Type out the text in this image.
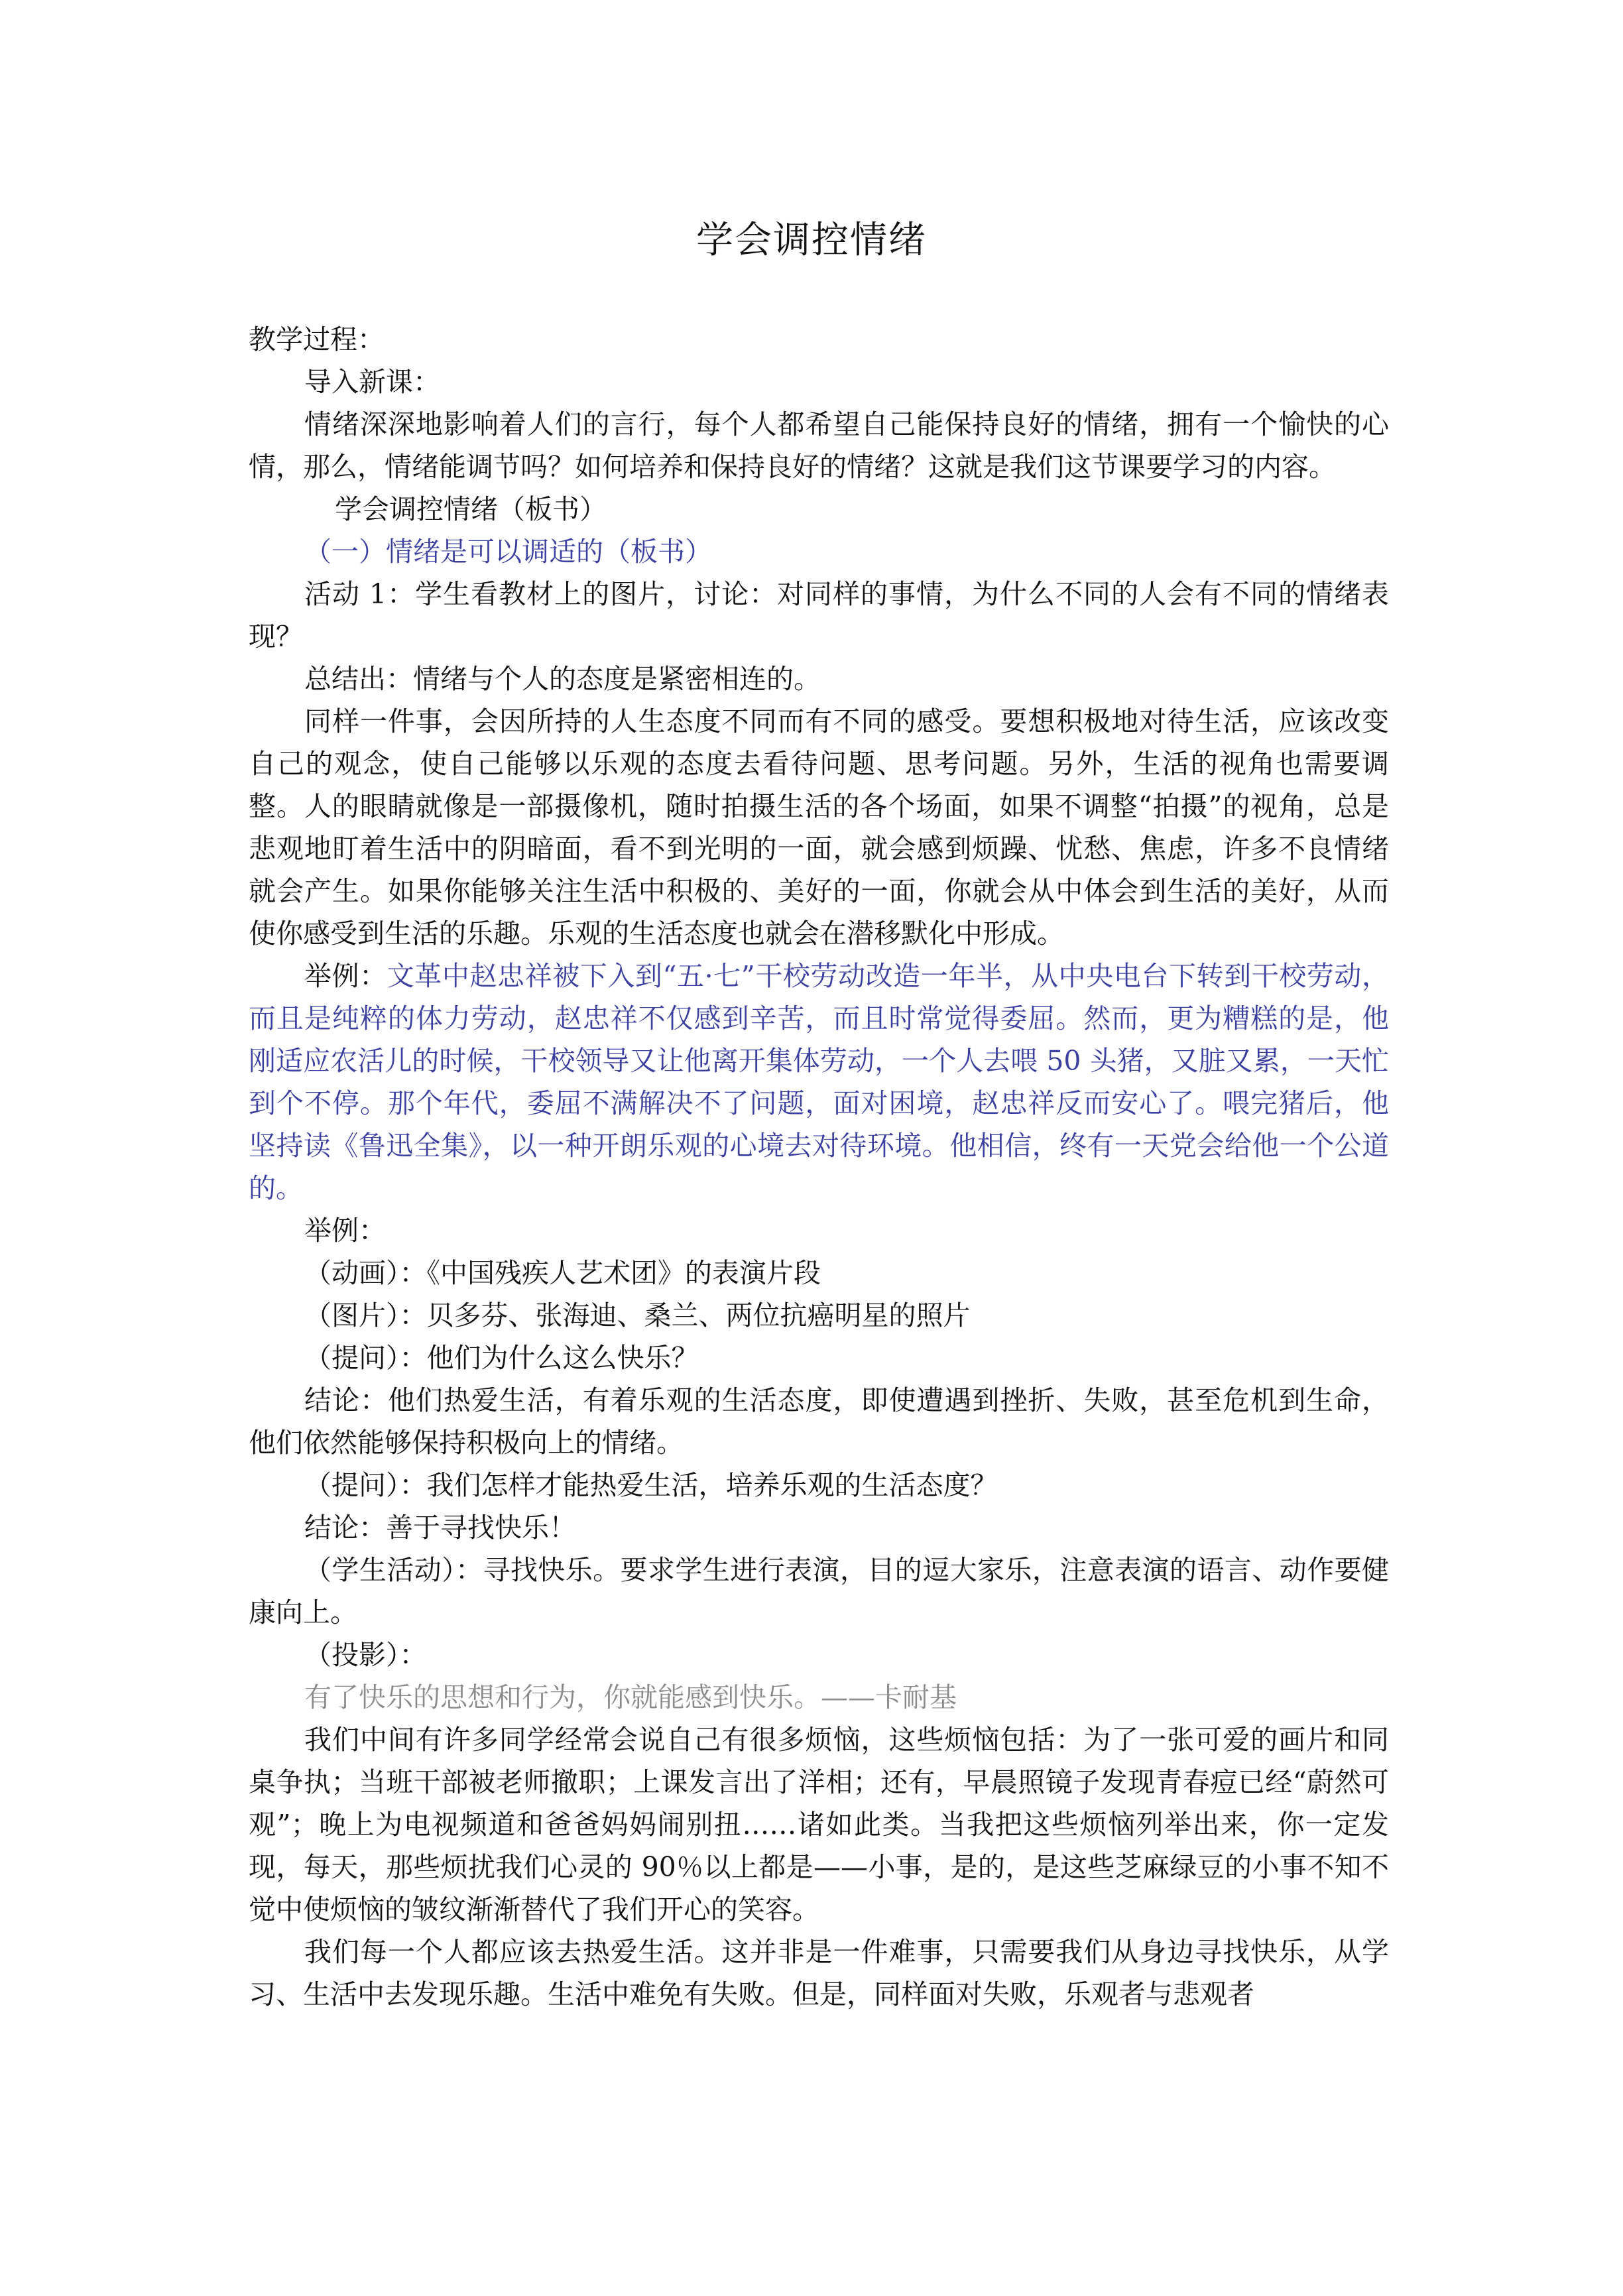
学会调控情绪

教学过程：

导入新课：

情绪深深地影响着人们的言行，每个人都希望自己能保持良好的情绪，拥有一个愉快的心情，那么，情绪能调节吗？如何培养和保持良好的情绪？这就是我们这节课要学习的内容。

学会调控情绪（板书）

（一）情绪是可以调适的（板书）

活动 1：学生看教材上的图片，讨论：对同样的事情，为什么不同的人会有不同的情绪表现？

总结出：情绪与个人的态度是紧密相连的。

同样一件事，会因所持的人生态度不同而有不同的感受。要想积极地对待生活，应该改变自己的观念，使自己能够以乐观的态度去看待问题、思考问题。另外，生活的视角也需要调整。人的眼睛就像是一部摄像机，随时拍摄生活的各个场面，如果不调整“拍摄”的视角，总是悲观地盯着生活中的阴暗面，看不到光明的一面，就会感到烦躁、忧愁、焦虑，许多不良情绪就会产生。如果你能够关注生活中积极的、美好的一面，你就会从中体会到生活的美好，从而使你感受到生活的乐趣。乐观的生活态度也就会在潜移默化中形成。

举例：文革中赵忠祥被下入到“五·七”干校劳动改造一年半，从中央电台下转到干校劳动，而且是纯粹的体力劳动，赵忠祥不仅感到辛苦，而且时常觉得委屈。然而，更为糟糕的是，他刚适应农活儿的时候，干校领导又让他离开集体劳动，一个人去喂 50 头猪，又脏又累，一天忙到个不停。那个年代，委屈不满解决不了问题，面对困境，赵忠祥反而安心了。喂完猪后，他坚持读《鲁迅全集》，以一种开朗乐观的心境去对待环境。他相信，终有一天党会给他一个公道的。

举例：

（动画）：《中国残疾人艺术团》的表演片段

（图片）：贝多芬、张海迪、桑兰、两位抗癌明星的照片

（提问）：他们为什么这么快乐？

结论：他们热爱生活，有着乐观的生活态度，即使遭遇到挫折、失败，甚至危机到生命，他们依然能够保持积极向上的情绪。

（提问）：我们怎样才能热爱生活，培养乐观的生活态度？

结论：善于寻找快乐！

（学生活动）：寻找快乐。要求学生进行表演，目的逗大家乐，注意表演的语言、动作要健康向上。

（投影）：

有了快乐的思想和行为，你就能感到快乐。——卡耐基

我们中间有许多同学经常会说自己有很多烦恼，这些烦恼包括：为了一张可爱的画片和同桌争执；当班干部被老师撤职；上课发言出了洋相；还有，早晨照镜子发现青春痘已经“蔚然可观”；晚上为电视频道和爸爸妈妈闹别扭……诸如此类。当我把这些烦恼列举出来，你一定发现，每天，那些烦扰我们心灵的 90％以上都是——小事，是的，是这些芝麻绿豆的小事不知不觉中使烦恼的皱纹渐渐替代了我们开心的笑容。

我们每一个人都应该去热爱生活。这并非是一件难事，只需要我们从身边寻找快乐，从学习、生活中去发现乐趣。生活中难免有失败。但是，同样面对失败，乐观者与悲观者
